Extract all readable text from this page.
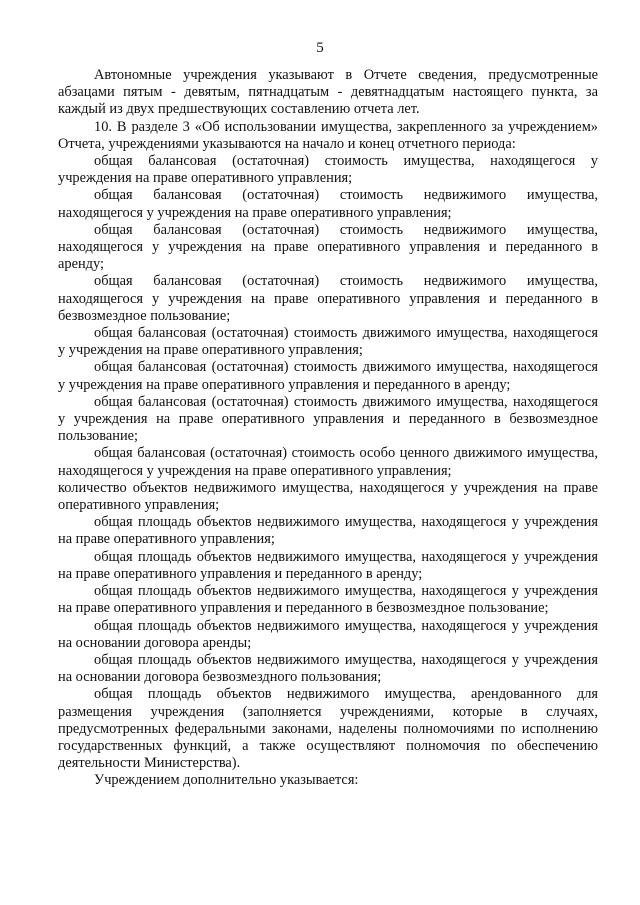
5

Автономные учреждения указывают в Отчете сведения, предусмотренные абзацами пятым - девятым, пятнадцатым - девятнадцатым настоящего пункта, за каждый из двух предшествующих составлению отчета лет.

10. В разделе 3 «Об использовании имущества, закрепленного за учреждением» Отчета, учреждениями указываются на начало и конец отчетного периода:

общая балансовая (остаточная) стоимость имущества, находящегося у учреждения на праве оперативного управления;

общая балансовая (остаточная) стоимость недвижимого имущества, находящегося у учреждения на праве оперативного управления;

общая балансовая (остаточная) стоимость недвижимого имущества, находящегося у учреждения на праве оперативного управления и переданного в аренду;

общая балансовая (остаточная) стоимость недвижимого имущества, находящегося у учреждения на праве оперативного управления и переданного в безвозмездное пользование;

общая балансовая (остаточная) стоимость движимого имущества, находящегося у учреждения на праве оперативного управления;

общая балансовая (остаточная) стоимость движимого имущества, находящегося у учреждения на праве оперативного управления и переданного в аренду;

общая балансовая (остаточная) стоимость движимого имущества, находящегося у учреждения на праве оперативного управления и переданного в безвозмездное пользование;

общая балансовая (остаточная) стоимость особо ценного движимого имущества, находящегося у учреждения на праве оперативного управления;

количество объектов недвижимого имущества, находящегося у учреждения на праве оперативного управления;

общая площадь объектов недвижимого имущества, находящегося у учреждения на праве оперативного управления;

общая площадь объектов недвижимого имущества, находящегося у учреждения на праве оперативного управления и переданного в аренду;

общая площадь объектов недвижимого имущества, находящегося у учреждения на праве оперативного управления и переданного в безвозмездное пользование;

общая площадь объектов недвижимого имущества, находящегося у учреждения на основании договора аренды;

общая площадь объектов недвижимого имущества, находящегося у учреждения на основании договора безвозмездного пользования;

общая площадь объектов недвижимого имущества, арендованного для размещения учреждения (заполняется учреждениями, которые в случаях, предусмотренных федеральными законами, наделены полномочиями по исполнению государственных функций, а также осуществляют полномочия по обеспечению деятельности Министерства).

Учреждением дополнительно указывается:
